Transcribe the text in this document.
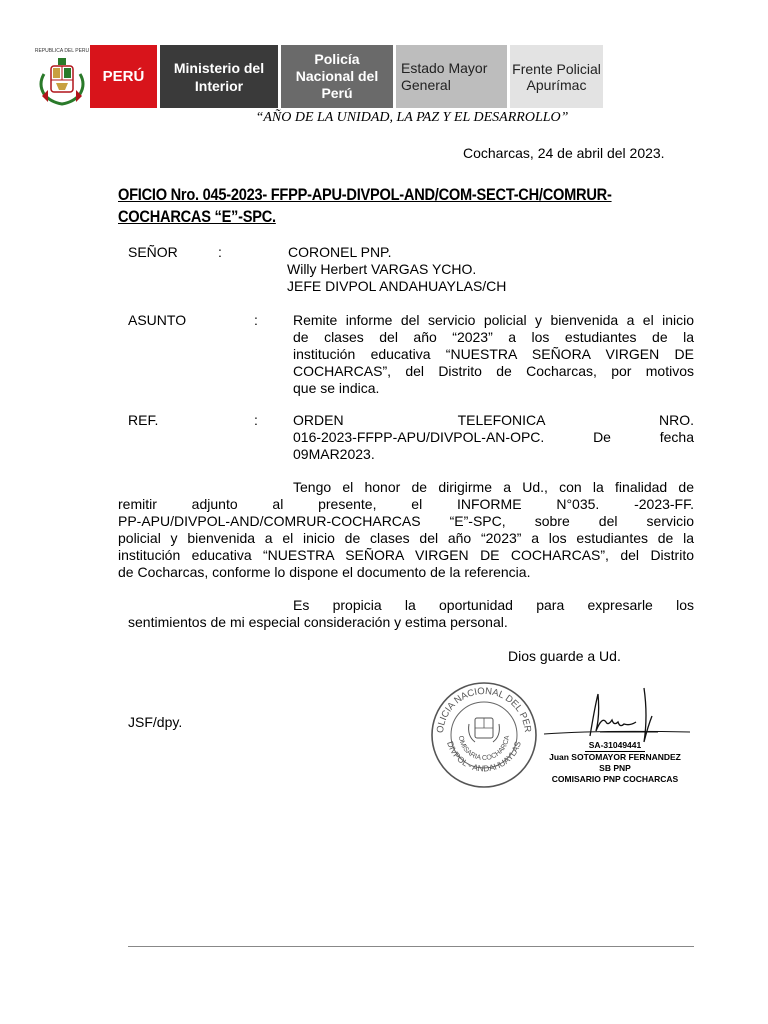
REPUBLICA DEL PERU
PERÚ
Ministerio del Interior
Policía Nacional del Perú
Estado Mayor General
Frente Policial Apurímac
“AÑO DE LA UNIDAD, LA PAZ Y EL DESARROLLO”
Cocharcas, 24 de abril del 2023.
OFICIO Nro. 045-2023- FFPP-APU-DIVPOL-AND/COM-SECT-CH/COMRUR-
COCHARCAS “E”-SPC.
SEÑOR	:	CORONEL PNP.
Willy Herbert VARGAS YCHO.
JEFE DIVPOL ANDAHUAYLAS/CH
ASUNTO	:	Remite informe del servicio policial y bienvenida a el inicio
de clases del año “2023” a los estudiantes de la
institución educativa “NUESTRA SEÑORA VIRGEN DE
COCHARCAS”, del Distrito de Cocharcas, por motivos
que se indica.
REF.	:	ORDEN TELEFONICA NRO.
016-2023-FFPP-APU/DIVPOL-AN-OPC. De fecha
09MAR2023.
Tengo el honor de dirigirme a Ud., con la finalidad de
remitir adjunto al presente, el INFORME N°035. -2023-FF.
PP-APU/DIVPOL-AND/COMRUR-COCHARCAS “E”-SPC, sobre del servicio
policial y bienvenida a el inicio de clases del año “2023” a los estudiantes de la
institución educativa “NUESTRA SEÑORA VIRGEN DE COCHARCAS”, del Distrito
de Cocharcas, conforme lo dispone el documento de la referencia.
Es propicia la oportunidad para expresarle los
sentimientos de mi especial consideración y estima personal.
Dios guarde a Ud.
JSF/dpy.	OLICIA NACIONAL DEL PER
DIVPOL - ANDAHUAYLAS
OMISARIA COCHARCA
SA-31049441
Juan SOTOMAYOR FERNANDEZ
SB PNP
COMISARIO PNP COCHARCAS
